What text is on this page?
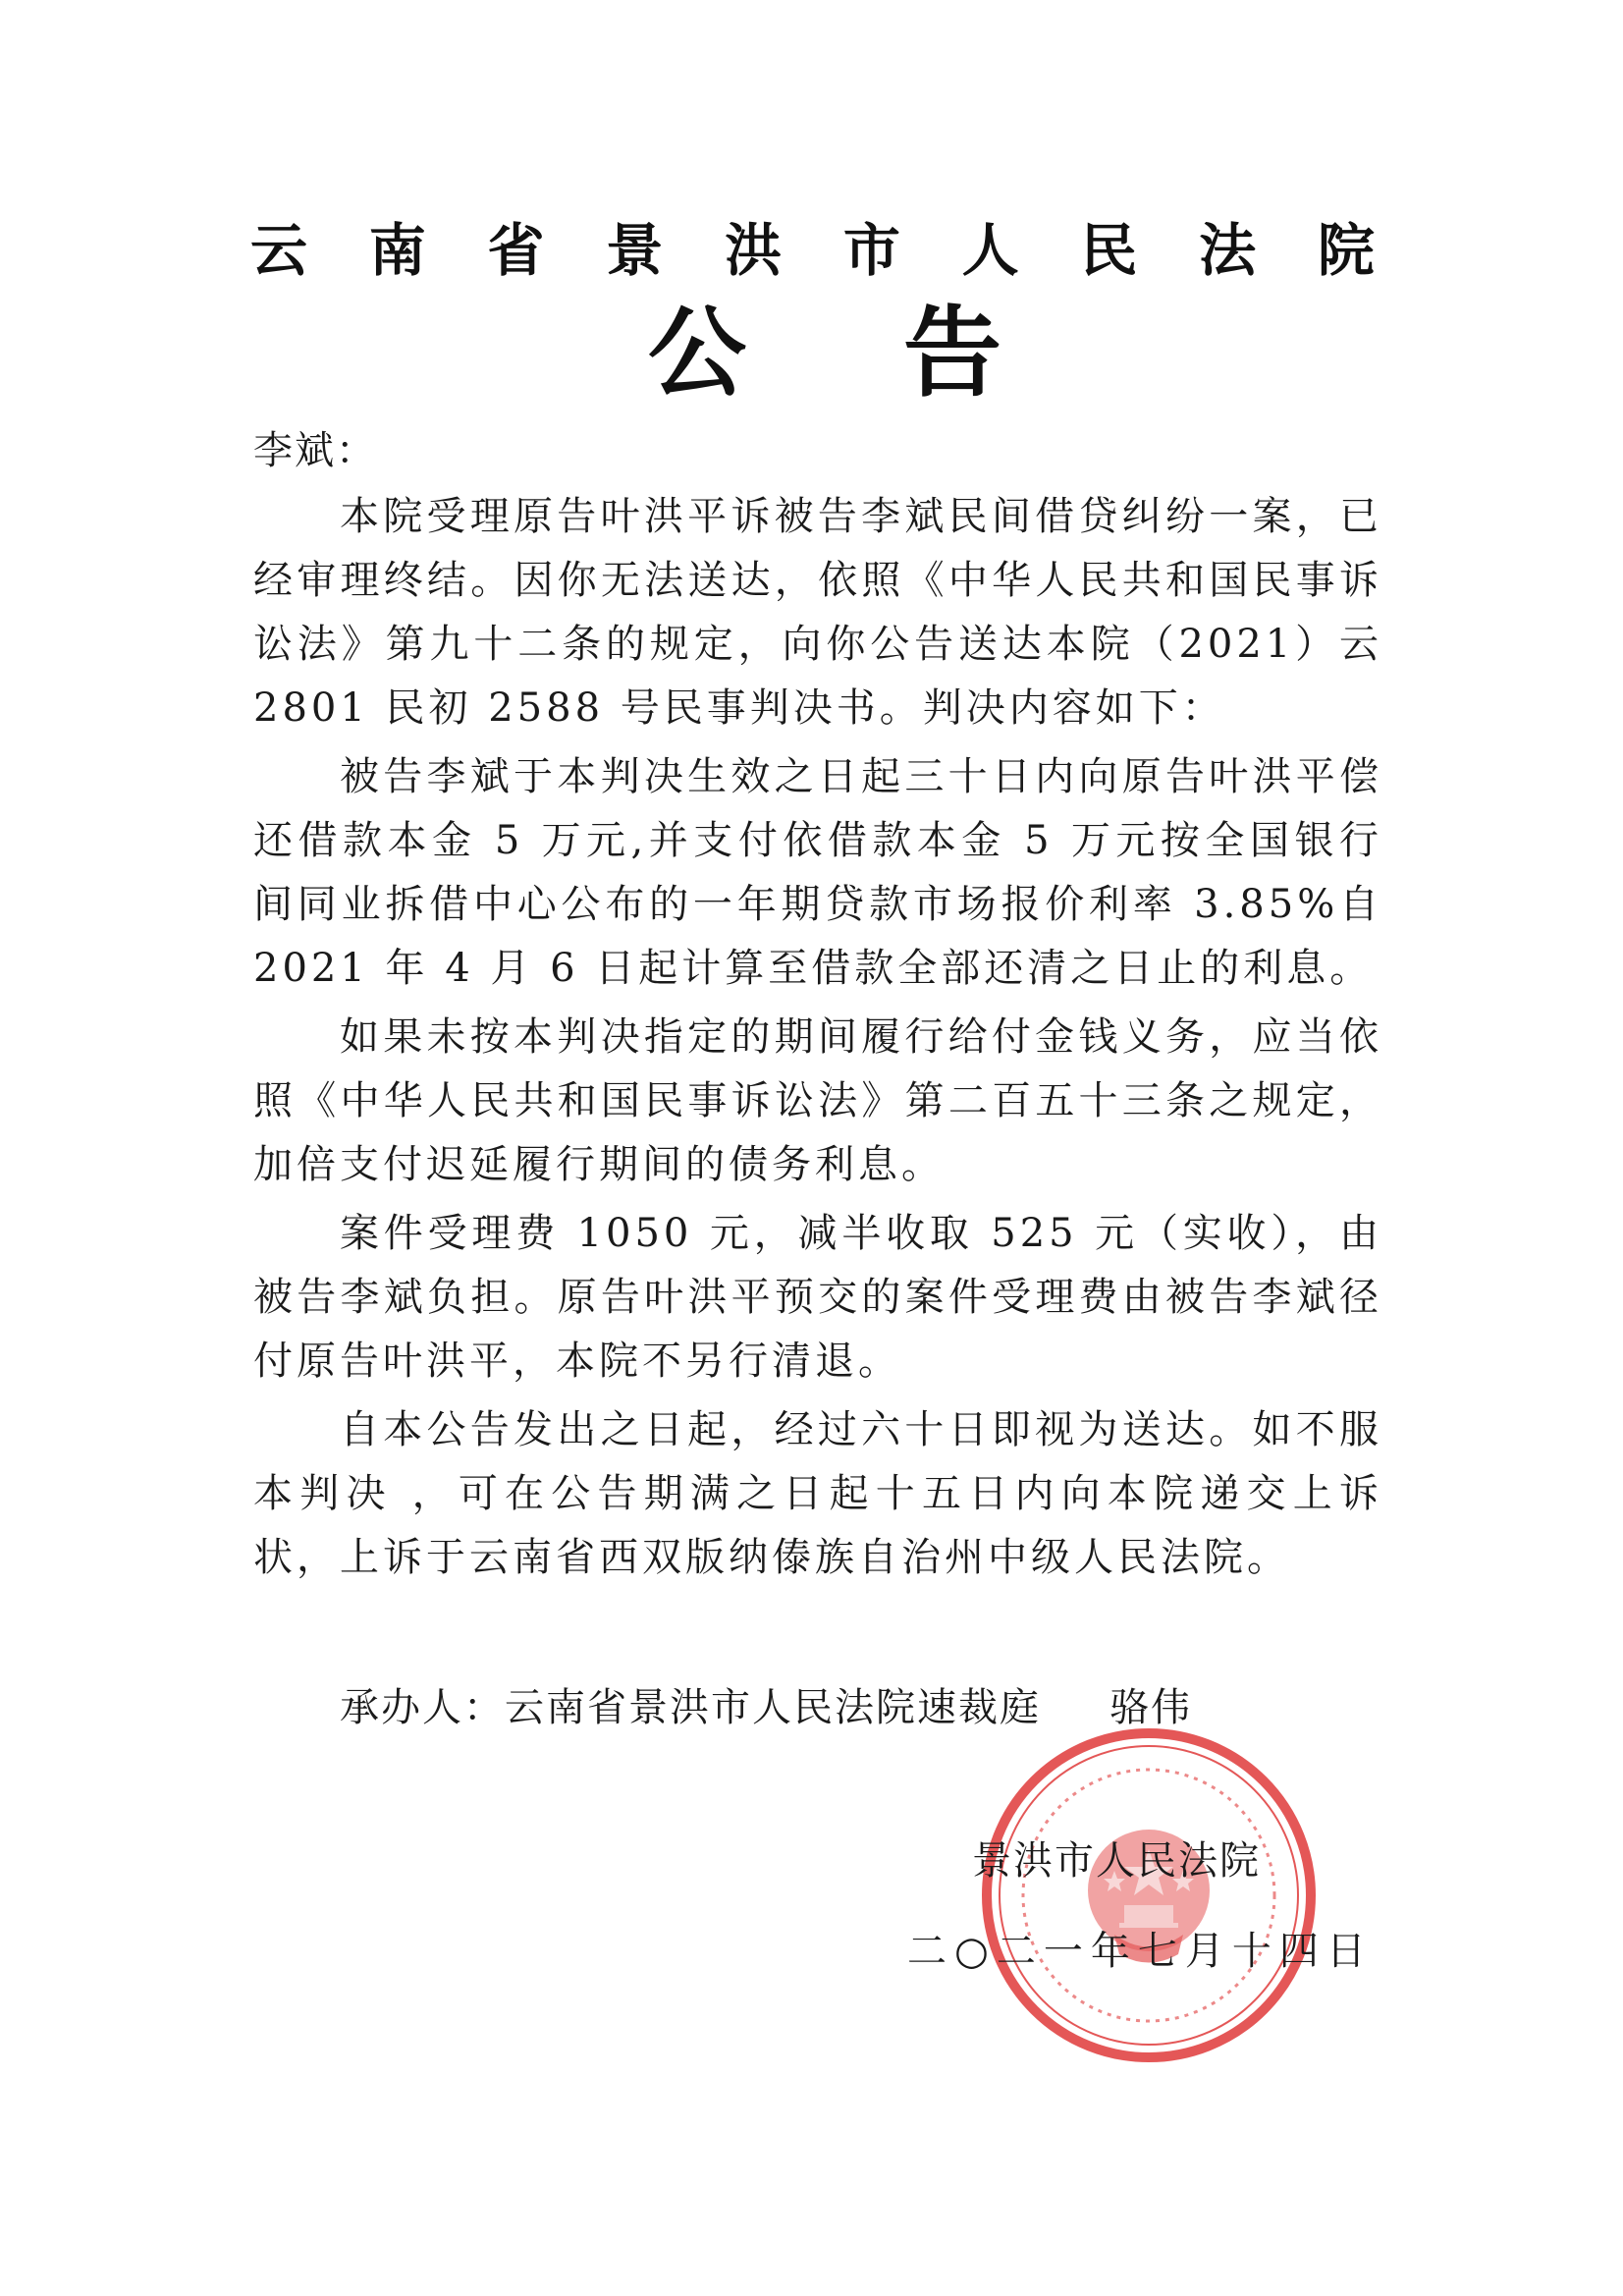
云 南 省 景 洪 市 人 民 法 院
公 告
李斌：

本院受理原告叶洪平诉被告李斌民间借贷纠纷一案，已经审理终结。因你无法送达，依照《中华人民共和国民事诉讼法》第九十二条的规定，向你公告送达本院（2021）云 2801 民初 2588 号民事判决书。判决内容如下：

被告李斌于本判决生效之日起三十日内向原告叶洪平偿还借款本金 5 万元,并支付依借款本金 5 万元按全国银行间同业拆借中心公布的一年期贷款市场报价利率 3.85%自 2021 年 4 月 6 日起计算至借款全部还清之日止的利息。

如果未按本判决指定的期间履行给付金钱义务，应当依照《中华人民共和国民事诉讼法》第二百五十三条之规定，加倍支付迟延履行期间的债务利息。

案件受理费 1050 元，减半收取 525 元（实收），由被告李斌负担。原告叶洪平预交的案件受理费由被告李斌径付原告叶洪平，本院不另行清退。

自本公告发出之日起，经过六十日即视为送达。如不服本判决 ，可在公告期满之日起十五日内向本院递交上诉状，上诉于云南省西双版纳傣族自治州中级人民法院。

承办人：云南省景洪市人民法院速裁庭 骆伟
景洪市人民法院
二○二一年七月十四日
